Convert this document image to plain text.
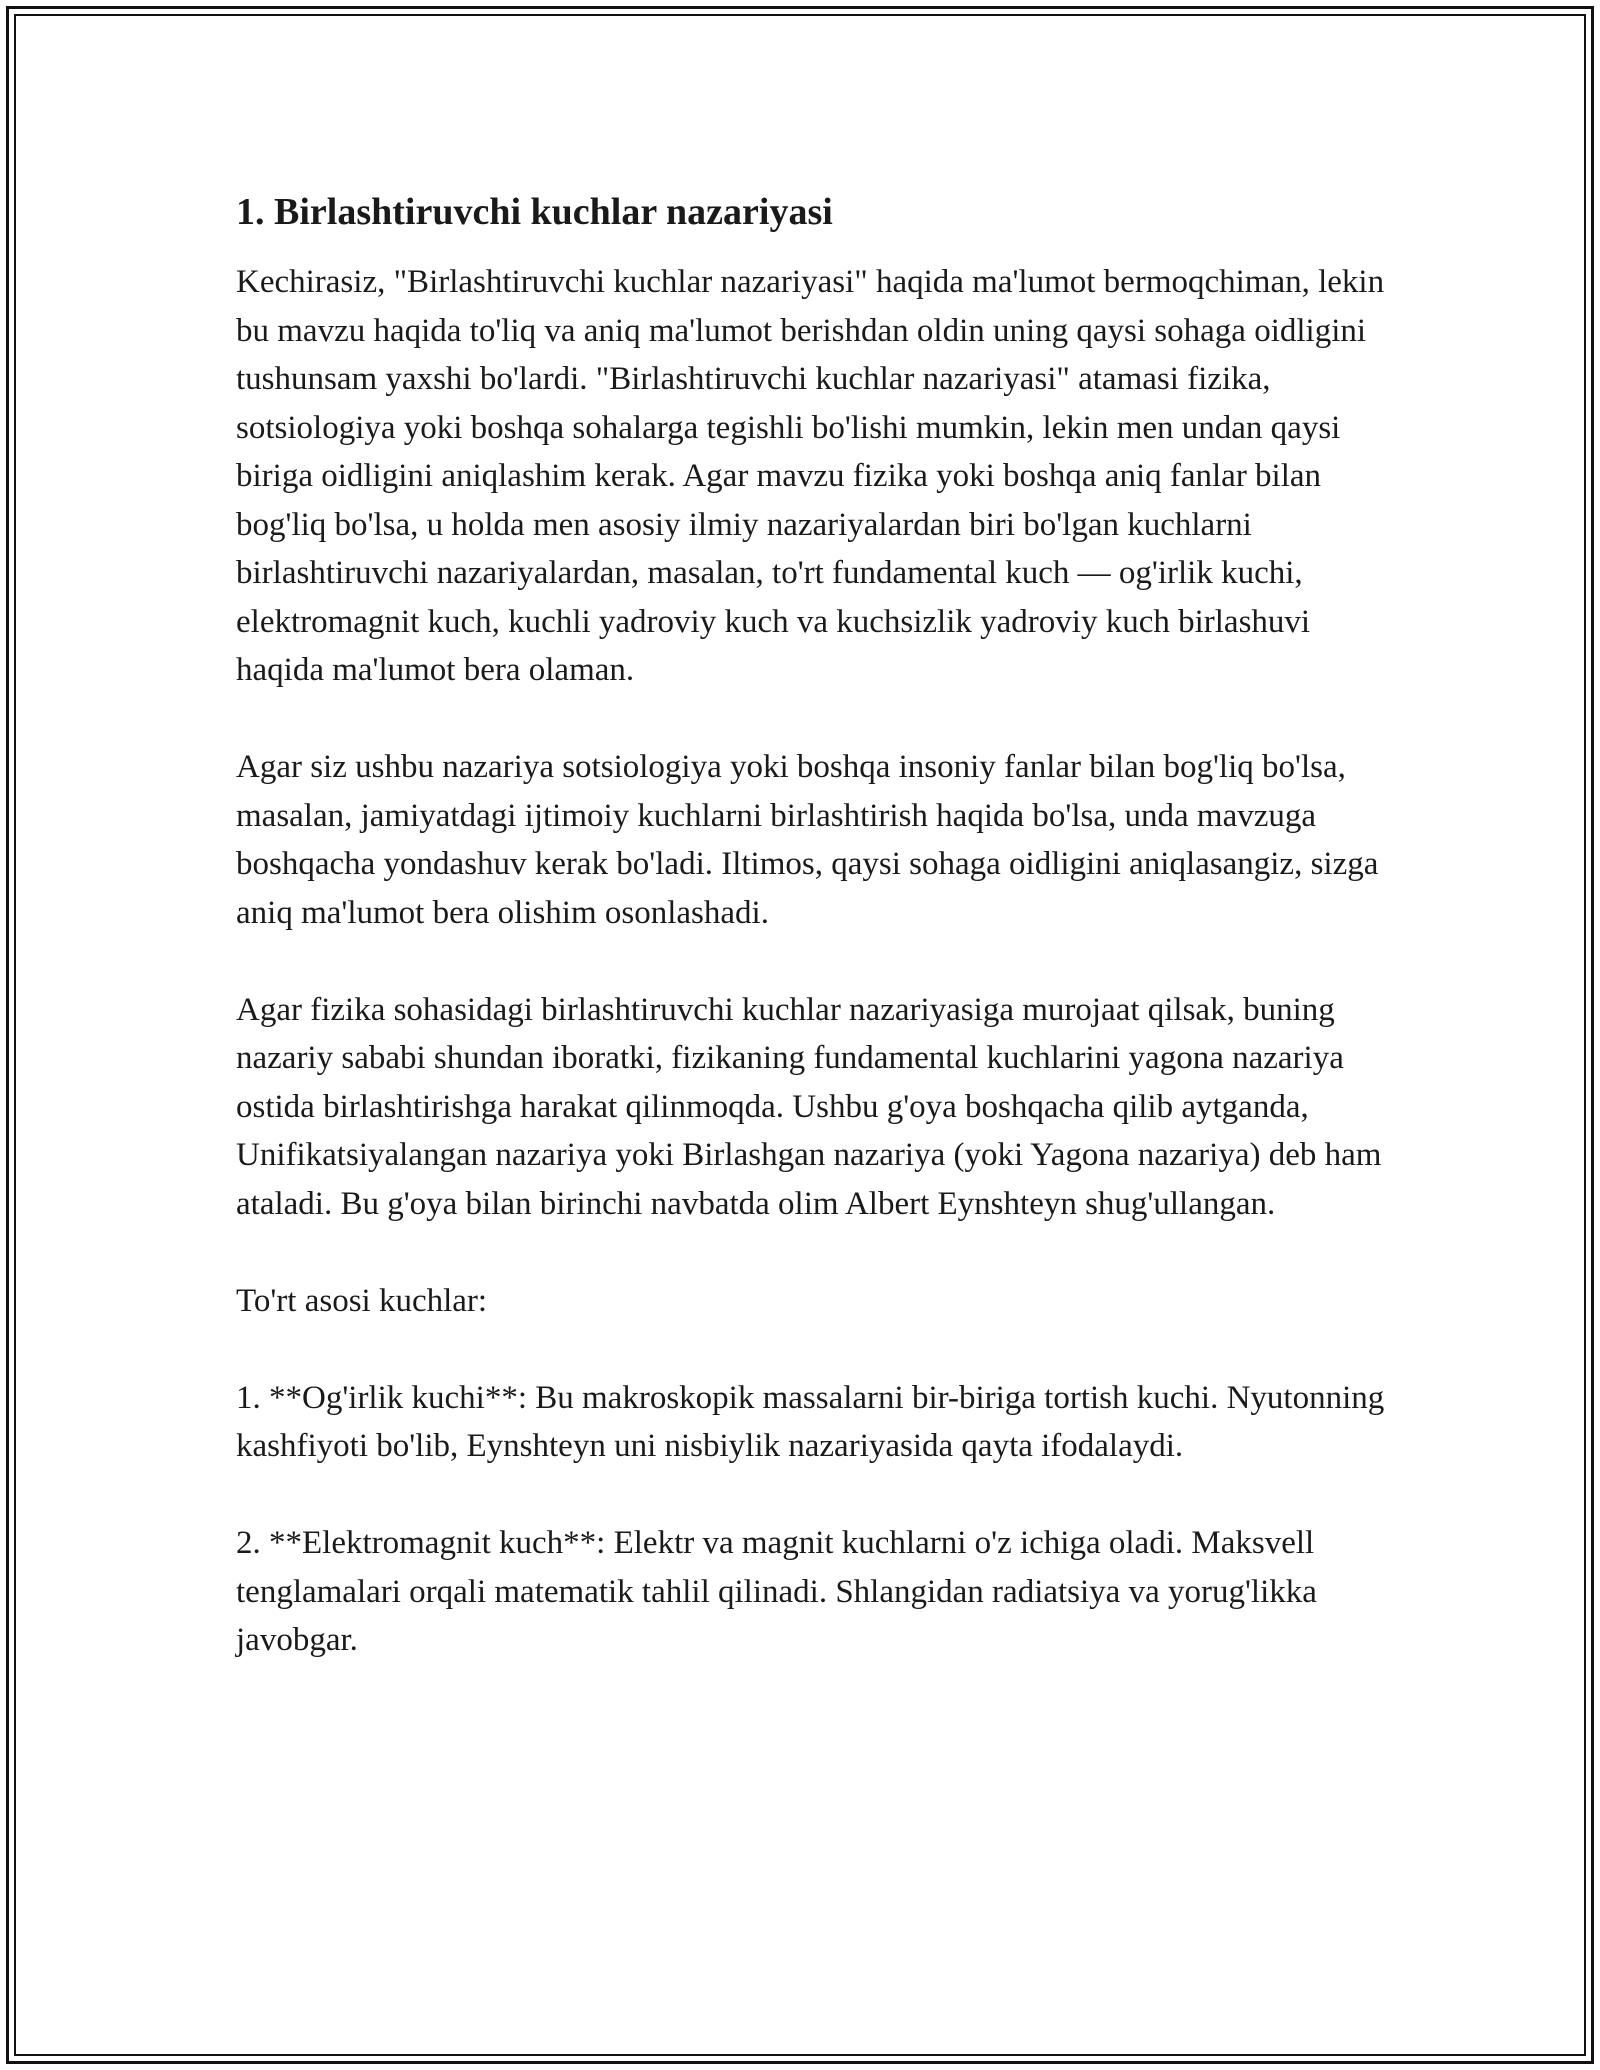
1. Birlashtiruvchi kuchlar nazariyasi

Kechirasiz, "Birlashtiruvchi kuchlar nazariyasi" haqida ma'lumot bermoqchiman, lekin bu mavzu haqida to'liq va aniq ma'lumot berishdan oldin uning qaysi sohaga oidligini tushunsam yaxshi bo'lardi. "Birlashtiruvchi kuchlar nazariyasi" atamasi fizika, sotsiologiya yoki boshqa sohalarga tegishli bo'lishi mumkin, lekin men undan qaysi biriga oidligini aniqlashim kerak. Agar mavzu fizika yoki boshqa aniq fanlar bilan bog'liq bo'lsa, u holda men asosiy ilmiy nazariyalardan biri bo'lgan kuchlarni birlashtiruvchi nazariyalardan, masalan, to'rt fundamental kuch — og'irlik kuchi, elektromagnit kuch, kuchli yadroviy kuch va kuchsizlik yadroviy kuch birlashuvi haqida ma'lumot bera olaman.

Agar siz ushbu nazariya sotsiologiya yoki boshqa insoniy fanlar bilan bog'liq bo'lsa, masalan, jamiyatdagi ijtimoiy kuchlarni birlashtirish haqida bo'lsa, unda mavzuga boshqacha yondashuv kerak bo'ladi. Iltimos, qaysi sohaga oidligini aniqlasangiz, sizga aniq ma'lumot bera olishim osonlashadi.

Agar fizika sohasidagi birlashtiruvchi kuchlar nazariyasiga murojaat qilsak, buning nazariy sababi shundan iboratki, fizikaning fundamental kuchlarini yagona nazariya ostida birlashtirishga harakat qilinmoqda. Ushbu g'oya boshqacha qilib aytganda, Unifikatsiyalangan nazariya yoki Birlashgan nazariya (yoki Yagona nazariya) deb ham ataladi. Bu g'oya bilan birinchi navbatda olim Albert Eynshteyn shug'ullangan.

To'rt asosi kuchlar:

1. **Og'irlik kuchi**: Bu makroskopik massalarni bir-biriga tortish kuchi. Nyutonning kashfiyoti bo'lib, Eynshteyn uni nisbiylik nazariyasida qayta ifodalaydi.

2. **Elektromagnit kuch**: Elektr va magnit kuchlarni o'z ichiga oladi. Maksvell tenglamalari orqali matematik tahlil qilinadi. Shlangidan radiatsiya va yorug'likka javobgar.
